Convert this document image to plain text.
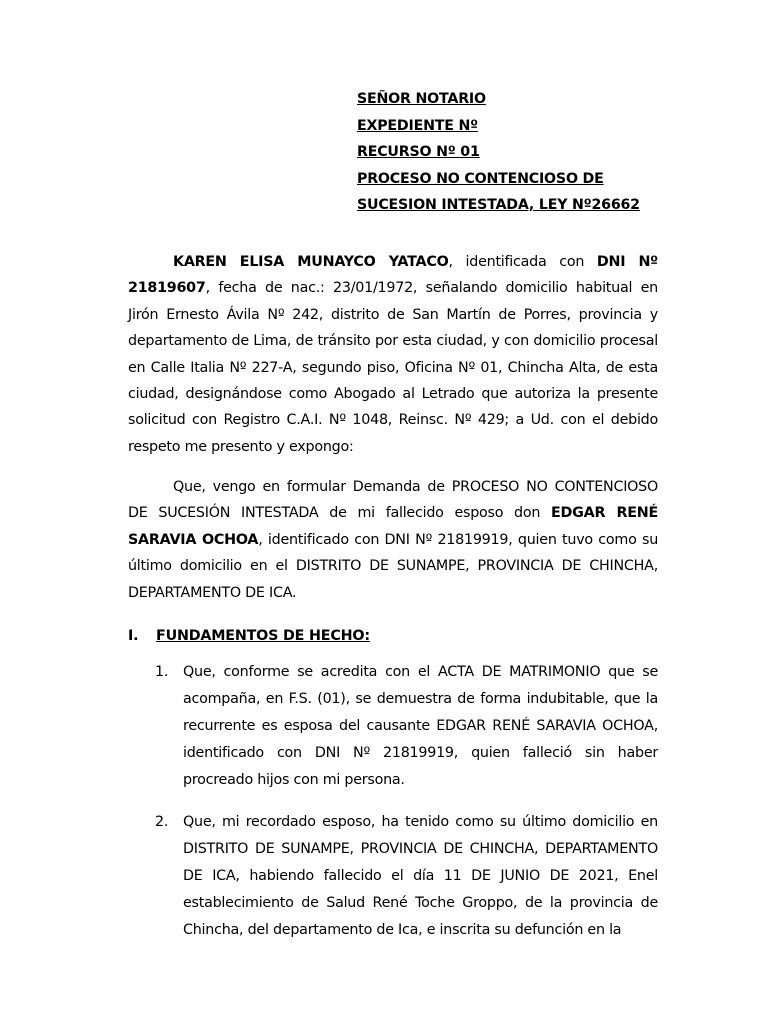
SEÑOR NOTARIO
EXPEDIENTE Nº
RECURSO Nº 01
PROCESO NO CONTENCIOSO DE
SUCESION INTESTADA, LEY Nº26662
KAREN ELISA MUNAYCO YATACO, identificada con DNI Nº 21819607, fecha de nac.: 23/01/1972, señalando domicilio habitual en Jirón Ernesto Ávila Nº 242, distrito de San Martín de Porres, provincia y departamento de Lima, de tránsito por esta ciudad, y con domicilio procesal en Calle Italia Nº 227-A, segundo piso, Oficina Nº 01, Chincha Alta, de esta ciudad, designándose como Abogado al Letrado que autoriza la presente solicitud con Registro C.A.I. Nº 1048, Reinsc. Nº 429; a Ud. con el debido respeto me presento y expongo:
Que, vengo en formular Demanda de PROCESO NO CONTENCIOSO DE SUCESIÓN INTESTADA de mi fallecido esposo don EDGAR RENÉ SARAVIA OCHOA, identificado con DNI Nº 21819919, quien tuvo como su último domicilio en el DISTRITO DE SUNAMPE, PROVINCIA DE CHINCHA, DEPARTAMENTO DE ICA.
I. FUNDAMENTOS DE HECHO:
1. Que, conforme se acredita con el ACTA DE MATRIMONIO que se acompaña, en F.S. (01), se demuestra de forma indubitable, que la recurrente es esposa del causante EDGAR RENÉ SARAVIA OCHOA, identificado con DNI Nº 21819919, quien falleció sin haber procreado hijos con mi persona.
2. Que, mi recordado esposo, ha tenido como su último domicilio en DISTRITO DE SUNAMPE, PROVINCIA DE CHINCHA, DEPARTAMENTO DE ICA, habiendo fallecido el día 11 DE JUNIO DE 2021, Enel establecimiento de Salud René Toche Groppo, de la provincia de Chincha, del departamento de Ica, e inscrita su defunción en la
